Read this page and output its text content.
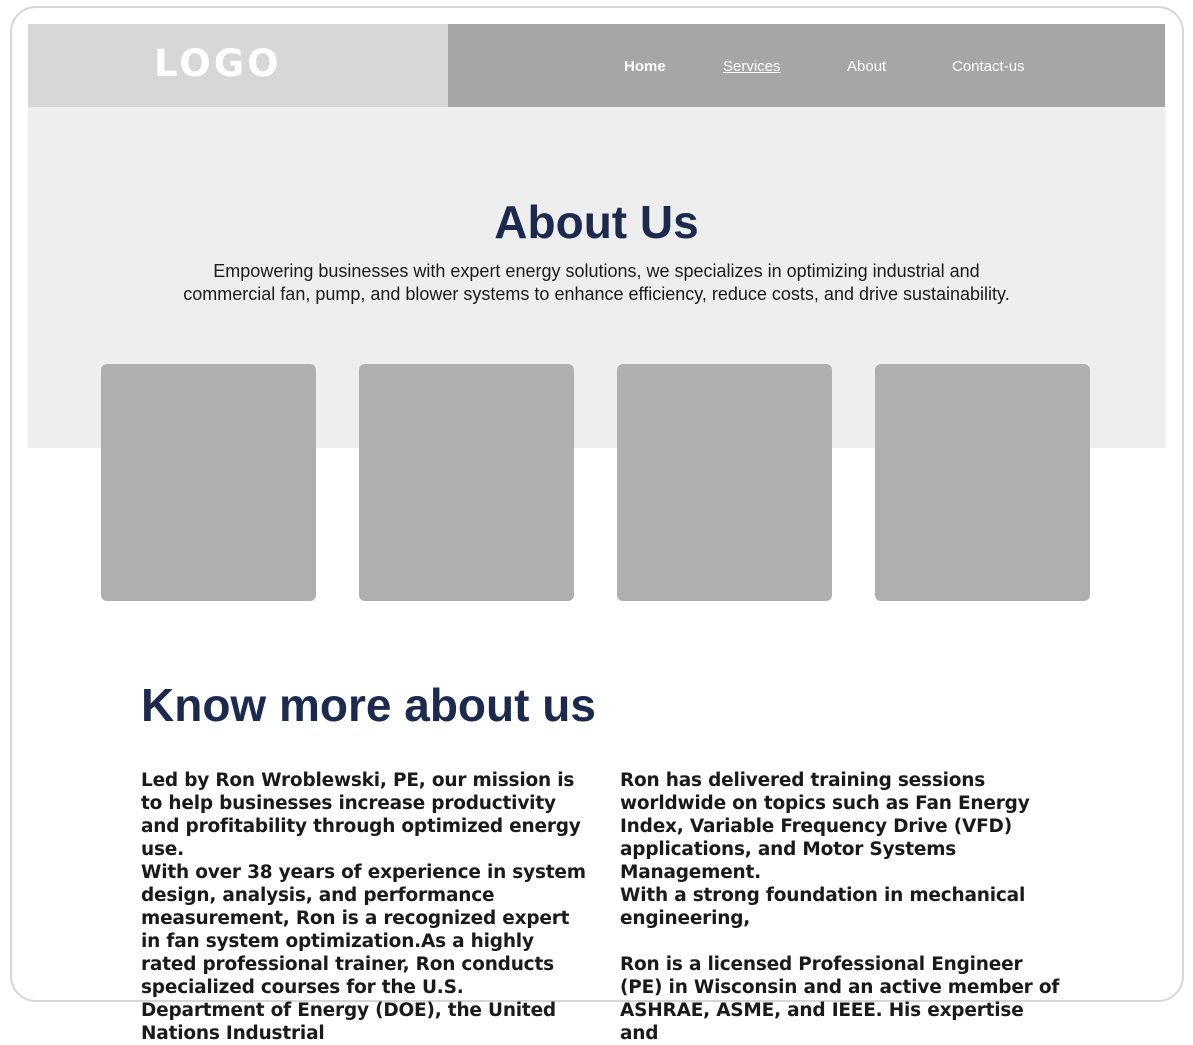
LOGO	Home	Services	About	Contact-us
About Us
Empowering businesses with expert energy solutions, we specializes in optimizing industrial and commercial fan, pump, and blower systems to enhance efficiency, reduce costs, and drive sustainability.
Know more about us

Led by Ron Wroblewski, PE, our mission is to help businesses increase productivity and profitability through optimized energy use.
With over 38 years of experience in system design, analysis, and performance measurement, Ron is a recognized expert in fan system optimization.As a highly rated professional trainer, Ron conducts specialized courses for the U.S. Department of Energy (DOE), the United Nations Industrial

Ron has delivered training sessions worldwide on topics such as Fan Energy Index, Variable Frequency Drive (VFD) applications, and Motor Systems Management.
With a strong foundation in mechanical engineering,

Ron is a licensed Professional Engineer (PE) in Wisconsin and an active member of ASHRAE, ASME, and IEEE. His expertise and
